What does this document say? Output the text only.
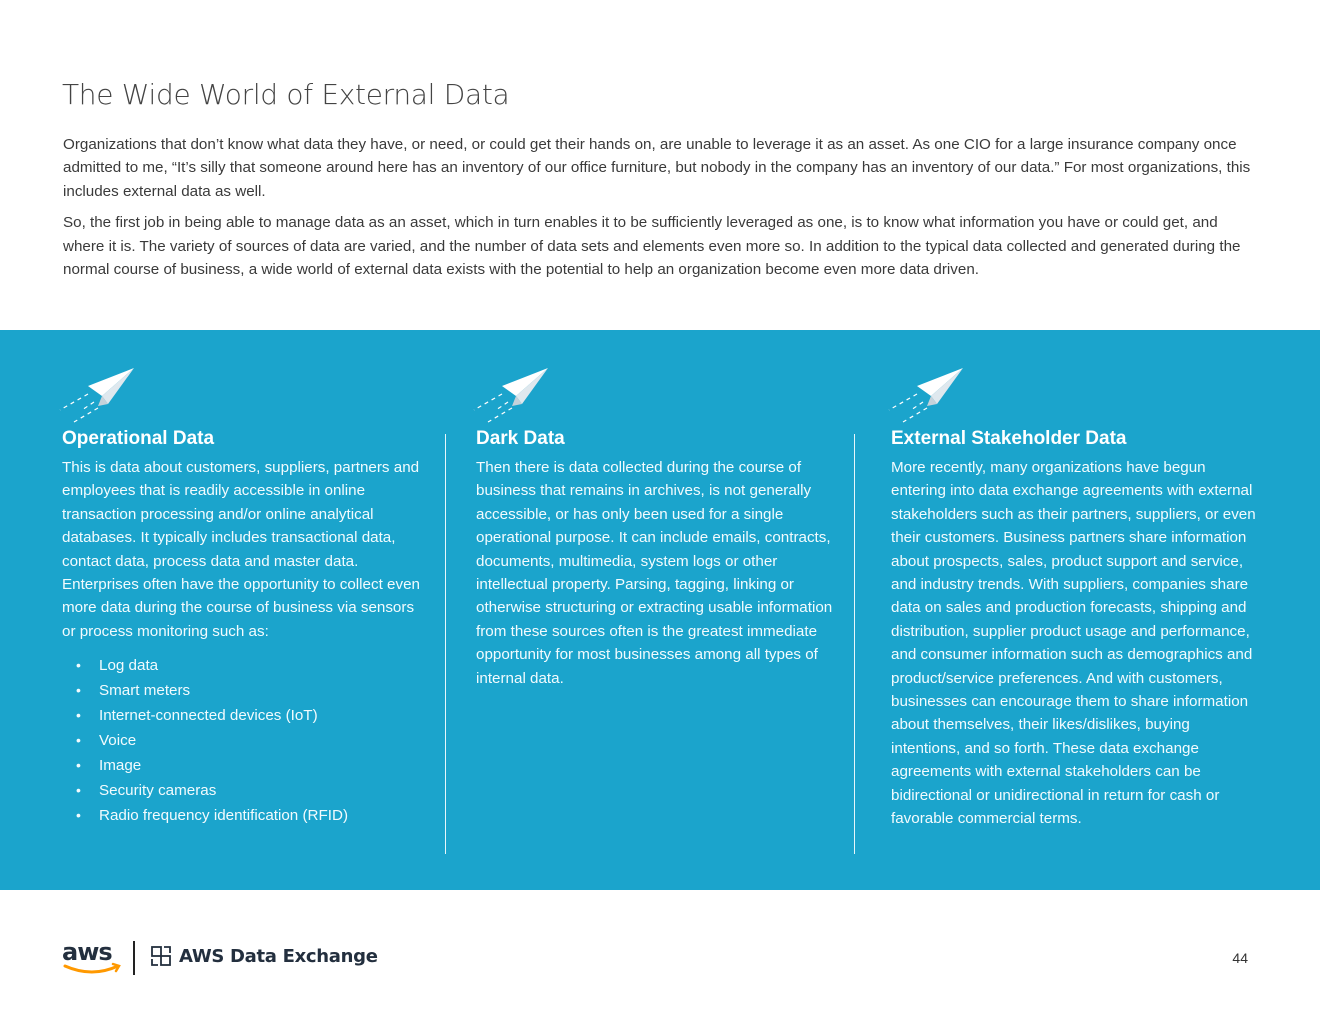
The Wide World of External Data

Organizations that don’t know what data they have, or need, or could get their hands on, are unable to leverage it as an asset. As one CIO for a large insurance company once admitted to me, “It’s silly that someone around here has an inventory of our office furniture, but nobody in the company has an inventory of our data.” For most organizations, this includes external data as well.

So, the first job in being able to manage data as an asset, which in turn enables it to be sufficiently leveraged as one, is to know what information you have or could get, and where it is. The variety of sources of data are varied, and the number of data sets and elements even more so. In addition to the typical data collected and generated during the normal course of business, a wide world of external data exists with the potential to help an organization become even more data driven.

Operational Data

This is data about customers, suppliers, partners and employees that is readily accessible in online transaction processing and/or online analytical databases. It typically includes transactional data, contact data, process data and master data. Enterprises often have the opportunity to collect even more data during the course of business via sensors or process monitoring such as:

• Log data
• Smart meters
• Internet-connected devices (IoT)
• Voice
• Image
• Security cameras
• Radio frequency identification (RFID)
Dark Data

Then there is data collected during the course of business that remains in archives, is not generally accessible, or has only been used for a single operational purpose. It can include emails, contracts, documents, multimedia, system logs or other intellectual property. Parsing, tagging, linking or otherwise structuring or extracting usable information from these sources often is the greatest immediate opportunity for most businesses among all types of internal data.

External Stakeholder Data

More recently, many organizations have begun entering into data exchange agreements with external stakeholders such as their partners, suppliers, or even their customers. Business partners share information about prospects, sales, product support and service, and industry trends. With suppliers, companies share data on sales and production forecasts, shipping and distribution, supplier product usage and performance, and consumer information such as demographics and product/service preferences. And with customers, businesses can encourage them to share information about themselves, their likes/dislikes, buying intentions, and so forth. These data exchange agreements with external stakeholders can be bidirectional or unidirectional in return for cash or favorable commercial terms.

aws	AWS Data Exchange	44
